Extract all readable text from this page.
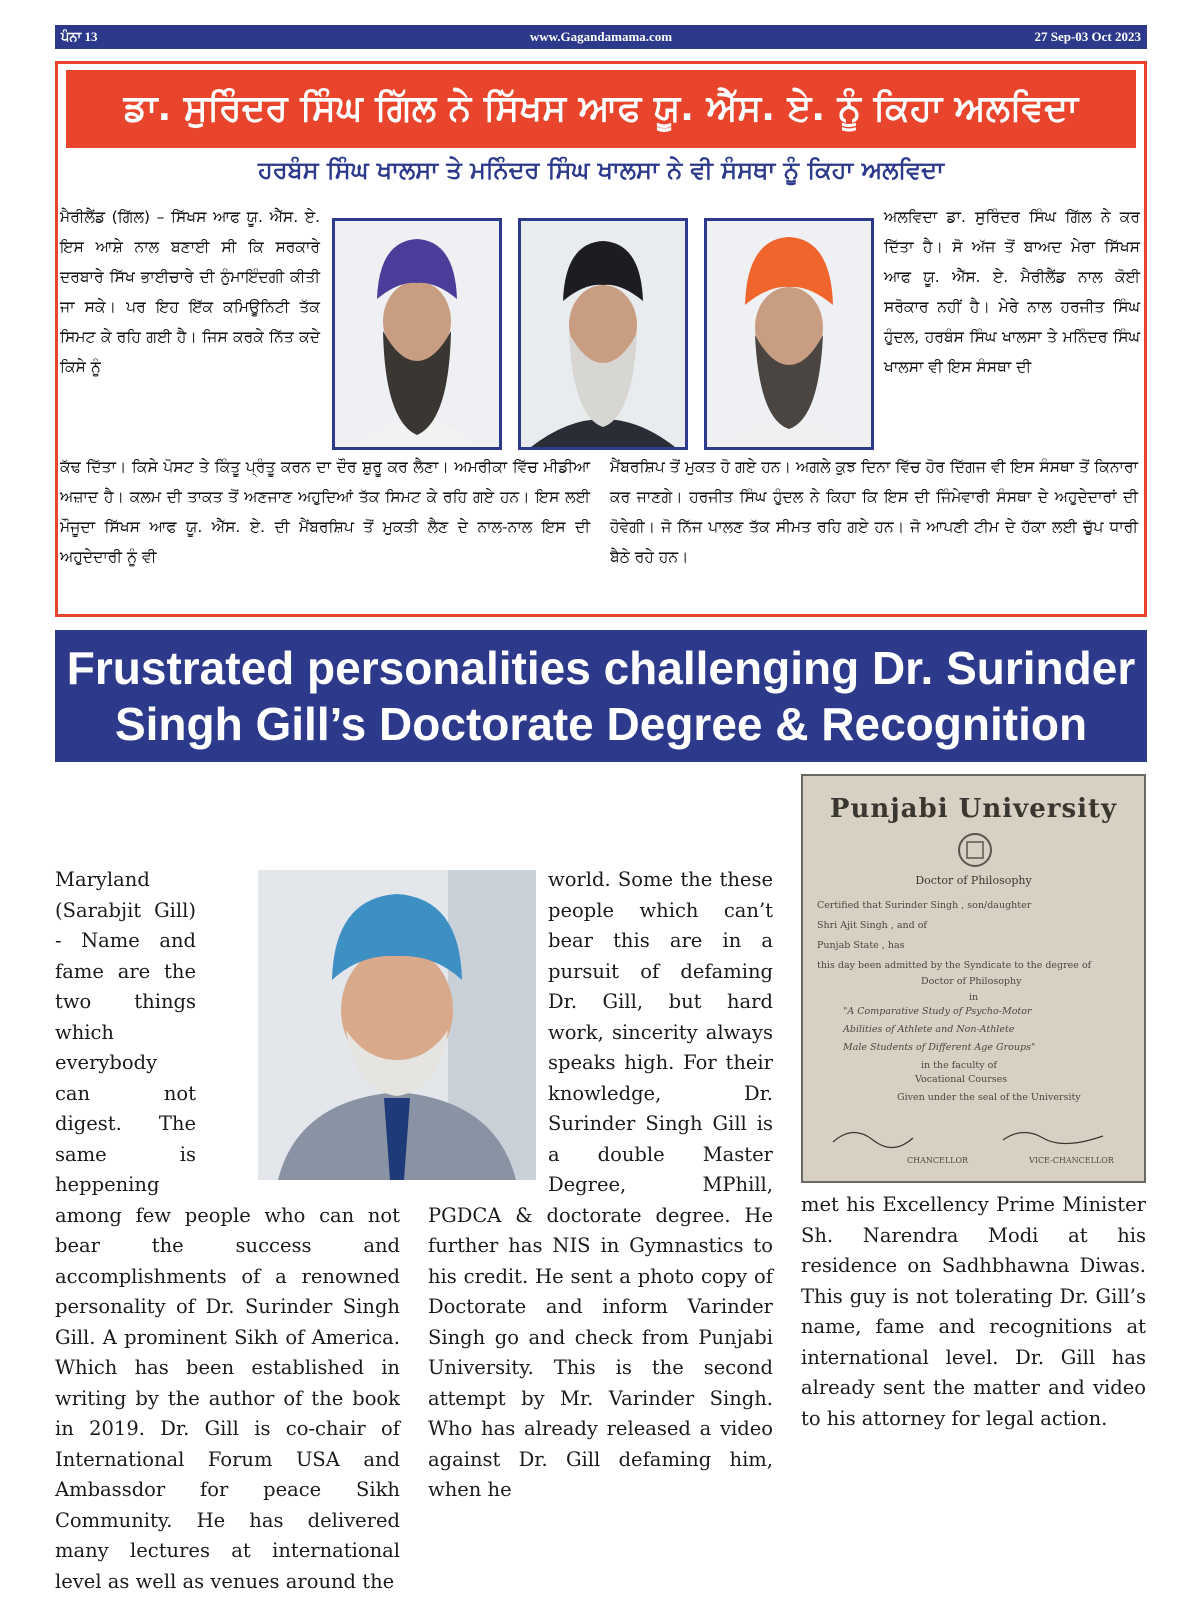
ਪੰਨਾ 13	www.Gagandamama.com	27 Sep-03 Oct 2023
ਡਾ. ਸੁਰਿੰਦਰ ਸਿੰਘ ਗਿੱਲ ਨੇ ਸਿੱਖਸ ਆਫ ਯੂ. ਐੱਸ. ਏ. ਨੂੰ ਕਿਹਾ ਅਲਵਿਦਾ
ਹਰਬੰਸ ਸਿੰਘ ਖਾਲਸਾ ਤੇ ਮਨਿੰਦਰ ਸਿੰਘ ਖਾਲਸਾ ਨੇ ਵੀ ਸੰਸਥਾ ਨੂੰ ਕਿਹਾ ਅਲਵਿਦਾ
ਮੈਰੀਲੈਂਡ (ਗਿੱਲ) – ਸਿੱਖਸ ਆਫ ਯੂ. ਐੱਸ. ਏ. ਇਸ ਆਸ਼ੇ ਨਾਲ ਬਣਾਈ ਸੀ ਕਿ ਸਰਕਾਰੇ ਦਰਬਾਰੇ ਸਿੱਖ ਭਾਈਚਾਰੇ ਦੀ ਨੁੰਮਾਇੰਦਗੀ ਕੀਤੀ ਜਾ ਸਕੇ। ਪਰ ਇਹ ਇੱਕ ਕਮਿਊਨਿਟੀ ਤੱਕ ਸਿਮਟ ਕੇ ਰਹਿ ਗਈ ਹੈ। ਜਿਸ ਕਰਕੇ ਨਿੱਤ ਕਦੇ ਕਿਸੇ ਨੂੰ
ਅਲਵਿਦਾ ਡਾ. ਸੁਰਿੰਦਰ ਸਿੰਘ ਗਿੱਲ ਨੇ ਕਰ ਦਿੱਤਾ ਹੈ। ਸੋ ਅੱਜ ਤੋਂ ਬਾਅਦ ਮੇਰਾ ਸਿੱਖਸ ਆਫ ਯੂ. ਐੱਸ. ਏ. ਮੈਰੀਲੈਂਡ ਨਾਲ ਕੋਈ ਸਰੋਕਾਰ ਨਹੀਂ ਹੈ। ਮੇਰੇ ਨਾਲ ਹਰਜੀਤ ਸਿੰਘ ਹੁੰਦਲ, ਹਰਬੰਸ ਸਿੰਘ ਖਾਲਸਾ ਤੇ ਮਨਿੰਦਰ ਸਿੰਘ ਖਾਲਸਾ ਵੀ ਇਸ ਸੰਸਥਾ ਦੀ
ਕੱਢ ਦਿੱਤਾ। ਕਿਸੇ ਪੋਸਟ ਤੇ ਕਿੰਤੂ ਪ੍ਰੰਤੂ ਕਰਨ ਦਾ ਦੌਰ ਸ਼ੁਰੂ ਕਰ ਲੈਣਾ। ਅਮਰੀਕਾ ਵਿੱਚ ਮੀਡੀਆ ਅਜ਼ਾਦ ਹੈ। ਕਲਮ ਦੀ ਤਾਕਤ ਤੋਂ ਅਣਜਾਣ ਅਹੁਦਿਆਂ ਤੱਕ ਸਿਮਟ ਕੇ ਰਹਿ ਗਏ ਹਨ। ਇਸ ਲਈ ਮੌਜੂਦਾ ਸਿੱਖਸ ਆਫ ਯੂ. ਐੱਸ. ਏ. ਦੀ ਮੈਂਬਰਸ਼ਿਪ ਤੋਂ ਮੁਕਤੀ ਲੈਣ ਦੇ ਨਾਲ-ਨਾਲ ਇਸ ਦੀ ਅਹੁਦੇਦਾਰੀ ਨੂੰ ਵੀ
ਮੈਂਬਰਸ਼ਿਪ ਤੋਂ ਮੁਕਤ ਹੋ ਗਏ ਹਨ। ਅਗਲੇ ਕੁਝ ਦਿਨਾ ਵਿੱਚ ਹੋਰ ਦਿੱਗਜ ਵੀ ਇਸ ਸੰਸਥਾ ਤੋਂ ਕਿਨਾਰਾ ਕਰ ਜਾਣਗੇ। ਹਰਜੀਤ ਸਿੰਘ ਹੁੰਦਲ ਨੇ ਕਿਹਾ ਕਿ ਇਸ ਦੀ ਜਿੰਮੇਵਾਰੀ ਸੰਸਥਾ ਦੇ ਅਹੁਦੇਦਾਰਾਂ ਦੀ ਹੋਵੇਗੀ। ਜੋ ਨਿੱਜ ਪਾਲਣ ਤੱਕ ਸੀਮਤ ਰਹਿ ਗਏ ਹਨ। ਜੋ ਆਪਣੀ ਟੀਮ ਦੇ ਹੱਕਾ ਲਈ ਚੁੱਪ ਧਾਰੀ ਬੈਠੇ ਰਹੇ ਹਨ।
Frustrated personalities challenging Dr. Surinder Singh Gill’s Doctorate Degree & Recognition
Maryland (Sarabjit Gill) - Name and fame are the two things which everybody can not digest. The same is heppening among few people who can not bear the success and accomplishments of a renowned personality of Dr. Surinder Singh Gill. A prominent Sikh of America. Which has been established in writing by the author of the book in 2019. Dr. Gill is co-chair of International Forum USA and Ambassdor for peace Sikh Community. He has delivered many lectures at international level as well as venues around the
world. Some the these people which can’t bear this are in a pursuit of defaming Dr. Gill, but hard work, sincerity always speaks high. For their knowledge, Dr. Surinder Singh Gill is a double Master Degree, MPhill, PGDCA & doctorate degree. He further has NIS in Gymnastics to his credit. He sent a photo copy of Doctorate and inform Varinder Singh go and check from Punjabi University. This is the second attempt by Mr. Varinder Singh. Who has already released a video against Dr. Gill defaming him, when he
met his Excellency Prime Minister Sh. Narendra Modi at his residence on Sadhbhawna Diwas. This guy is not tolerating Dr. Gill’s name, fame and recognitions at international level. Dr. Gill has already sent the matter and video to his attorney for legal action.
Punjabi University
Doctor of Philosophy
Certified that Surinder Singh , son/daughter
Shri Ajit Singh , and of
Punjab State , has
this day been admitted by the Syndicate to the degree of
Doctor of Philosophy
in
"A Comparative Study of Psycho-Motor
Abilities of Athlete and Non-Athlete
Male Students of Different Age Groups"
in the faculty of
Vocational Courses
Given under the seal of the University
CHANCELLOR	VICE-CHANCELLOR
